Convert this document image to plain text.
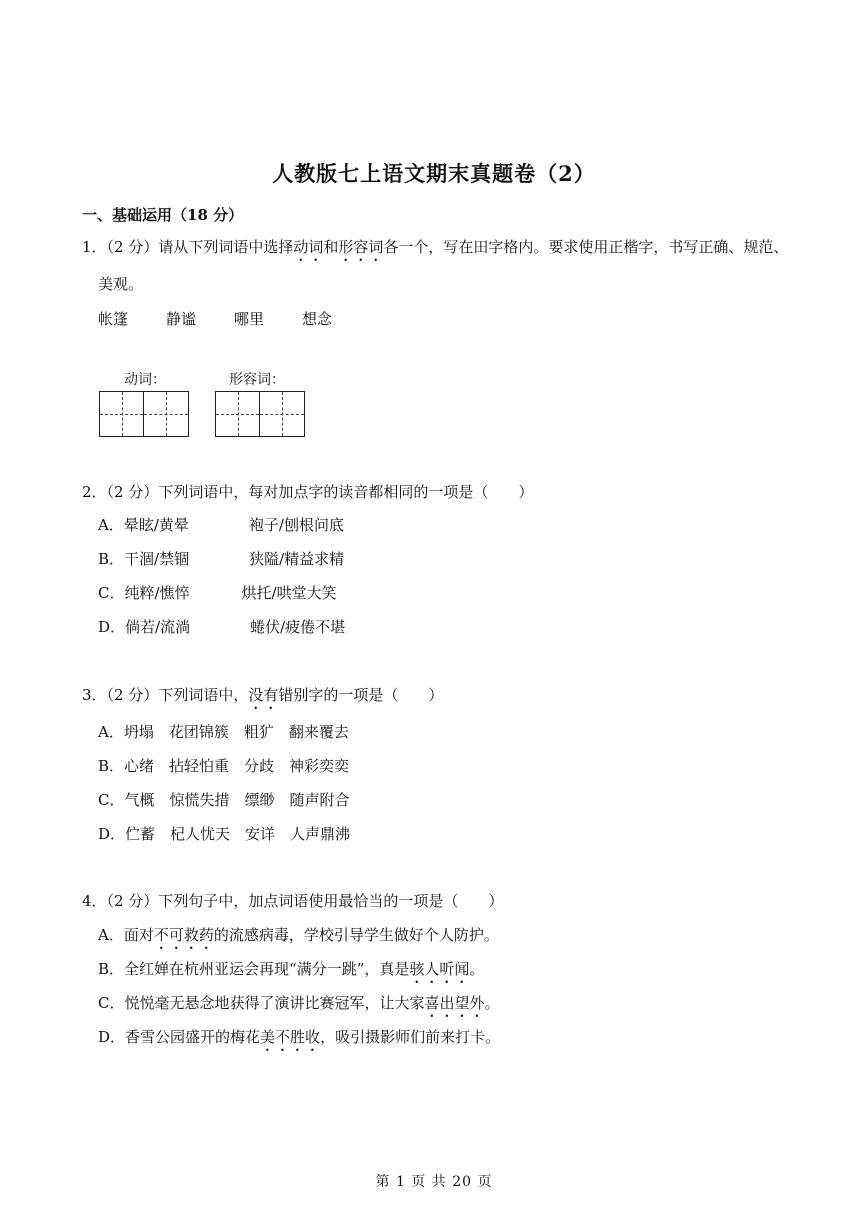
人教版七上语文期末真题卷（2）
一、基础运用（18 分）
1．（2 分）请从下列词语中选择动词和形容词各一个，写在田字格内。要求使用正楷字，书写正确、规范、
美观。
帐篷	静谧	哪里	想念
动词：	形容词：
2．（2 分）下列词语中，每对加点字的读音都相同的一项是（　　）
A．晕眩/黄晕	袍子/刨根问底
B．干涸/禁锢	狭隘/精益求精
C．纯粹/憔悴	烘托/哄堂大笑
D．倘若/流淌	蜷伏/疲倦不堪
3．（2 分）下列词语中，没有错别字的一项是（　　）
A．坍塌　花团锦簇　粗犷　翻来覆去
B．心绪　拈轻怕重　分歧　神彩奕奕
C．气概　惊慌失措　缥缈　随声附合
D．伫蓄　杞人忧天　安详　人声鼎沸
4．（2 分）下列句子中，加点词语使用最恰当的一项是（　　）
A．面对不可救药的流感病毒，学校引导学生做好个人防护。
B．全红婵在杭州亚运会再现“满分一跳”，真是骇人听闻。
C．悦悦毫无悬念地获得了演讲比赛冠军，让大家喜出望外。
D．香雪公园盛开的梅花美不胜收，吸引摄影师们前来打卡。
第 1 页 共 20 页
